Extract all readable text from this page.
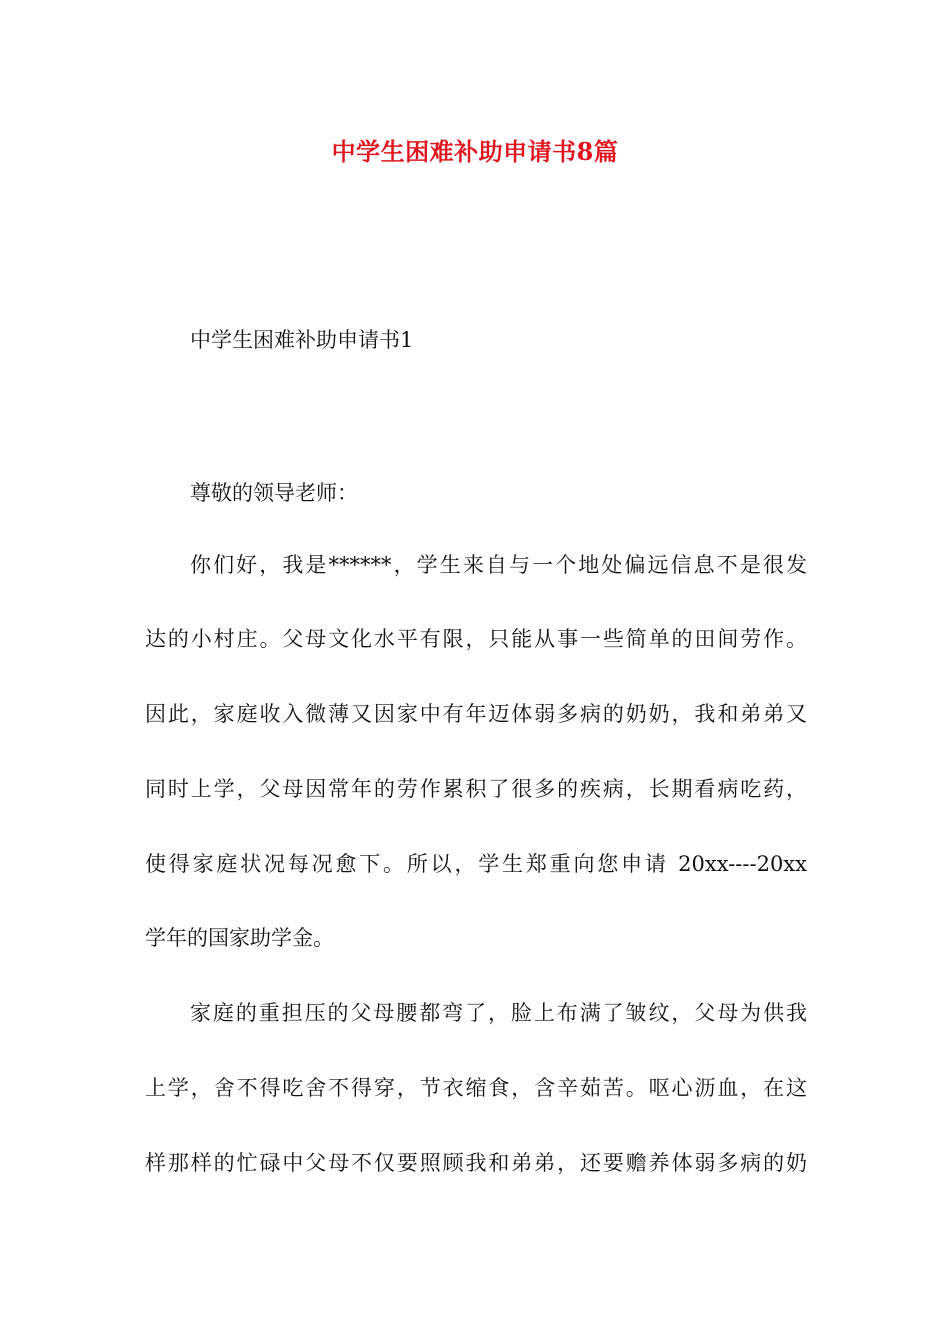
中学生困难补助申请书8篇
中学生困难补助申请书1
尊敬的领导老师：
你们好，我是******，学生来自与一个地处偏远信息不是很发
达的小村庄。父母文化水平有限，只能从事一些简单的田间劳作。
因此，家庭收入微薄又因家中有年迈体弱多病的奶奶，我和弟弟又
同时上学，父母因常年的劳作累积了很多的疾病，长期看病吃药，
使得家庭状况每况愈下。所以，学生郑重向您申请 20xx----20xx
学年的国家助学金。
家庭的重担压的父母腰都弯了，脸上布满了皱纹，父母为供我
上学，舍不得吃舍不得穿，节衣缩食，含辛茹苦。呕心沥血，在这
样那样的忙碌中父母不仅要照顾我和弟弟，还要赡养体弱多病的奶
